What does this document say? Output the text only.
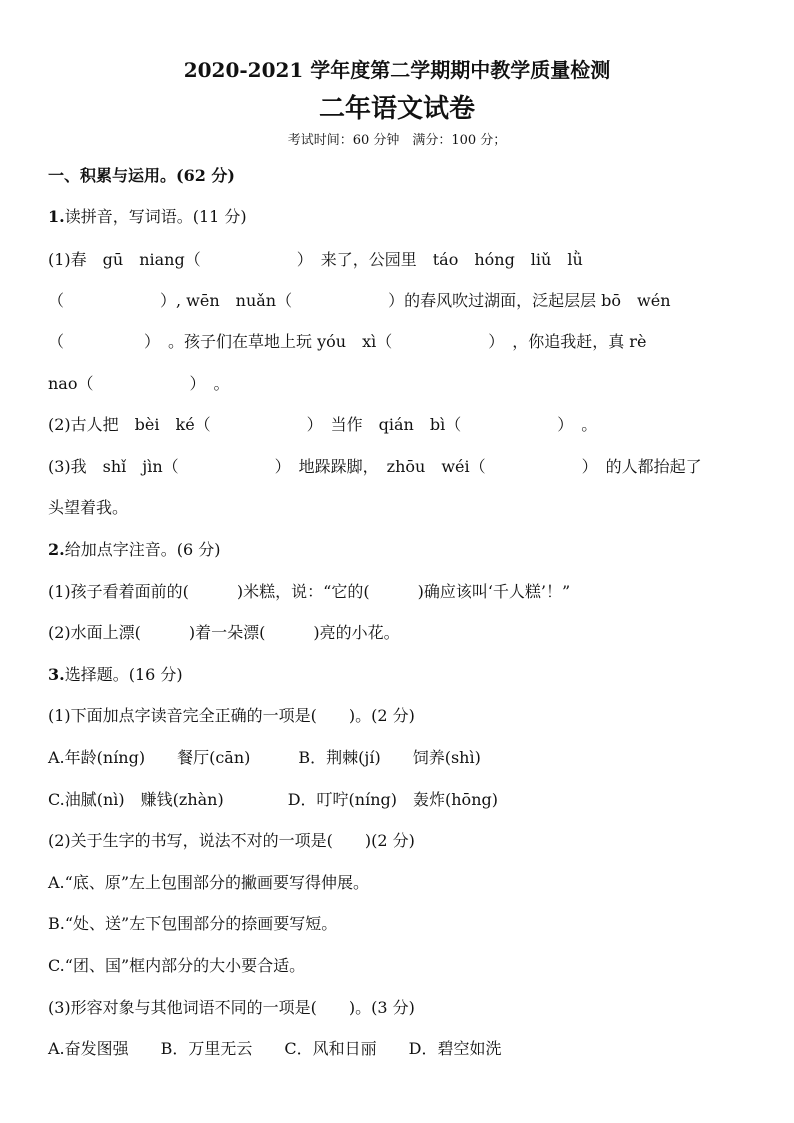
2020-2021 学年度第二学期期中教学质量检测
二年语文试卷
考试时间：60 分钟　满分：100 分；
一、积累与运用。(62 分)
1.读拼音，写词语。(11 分)
(1)春　gū　niang（　　　　　　）　来了，公园里　táo　hóng　liǔ　lǜ
（　　　　　　）, wēn　nuǎn（　　　　　　）的春风吹过湖面，泛起层层 bō　wén
（　　　　　）　。孩子们在草地上玩 yóu　xì（　　　　　　）　，你追我赶，真 rè
nao（　　　　　　）　。
(2)古人把　bèi　ké（　　　　　　）　当作　qián　bì（　　　　　　）　。
(3)我　shǐ　jìn（　　　　　　）　地跺跺脚，　zhōu　wéi（　　　　　　）　的人都抬起了
头望着我。
2.给加点字注音。(6 分)
(1)孩子看着面前的(　　　)米糕，说：“它的(　　　)确应该叫‘千人糕’！”
(2)水面上漂(　　　)着一朵漂(　　　)亮的小花。
3.选择题。(16 分)
(1)下面加点字读音完全正确的一项是(　　)。(2 分)
A.年龄(níng)　　餐厅(cān)　　　B．荆棘(jí)　　饲养(shì)
C.油腻(nì)　赚钱(zhàn)　　　　D．叮咛(níng)　轰炸(hōng)
(2)关于生字的书写，说法不对的一项是(　　)(2 分)
A.“底、原”左上包围部分的撇画要写得伸展。
B.“处、送”左下包围部分的捺画要写短。
C.“团、国”框内部分的大小要合适。
(3)形容对象与其他词语不同的一项是(　　)。(3 分)
A.奋发图强　　B．万里无云　　C．风和日丽　　D．碧空如洗
